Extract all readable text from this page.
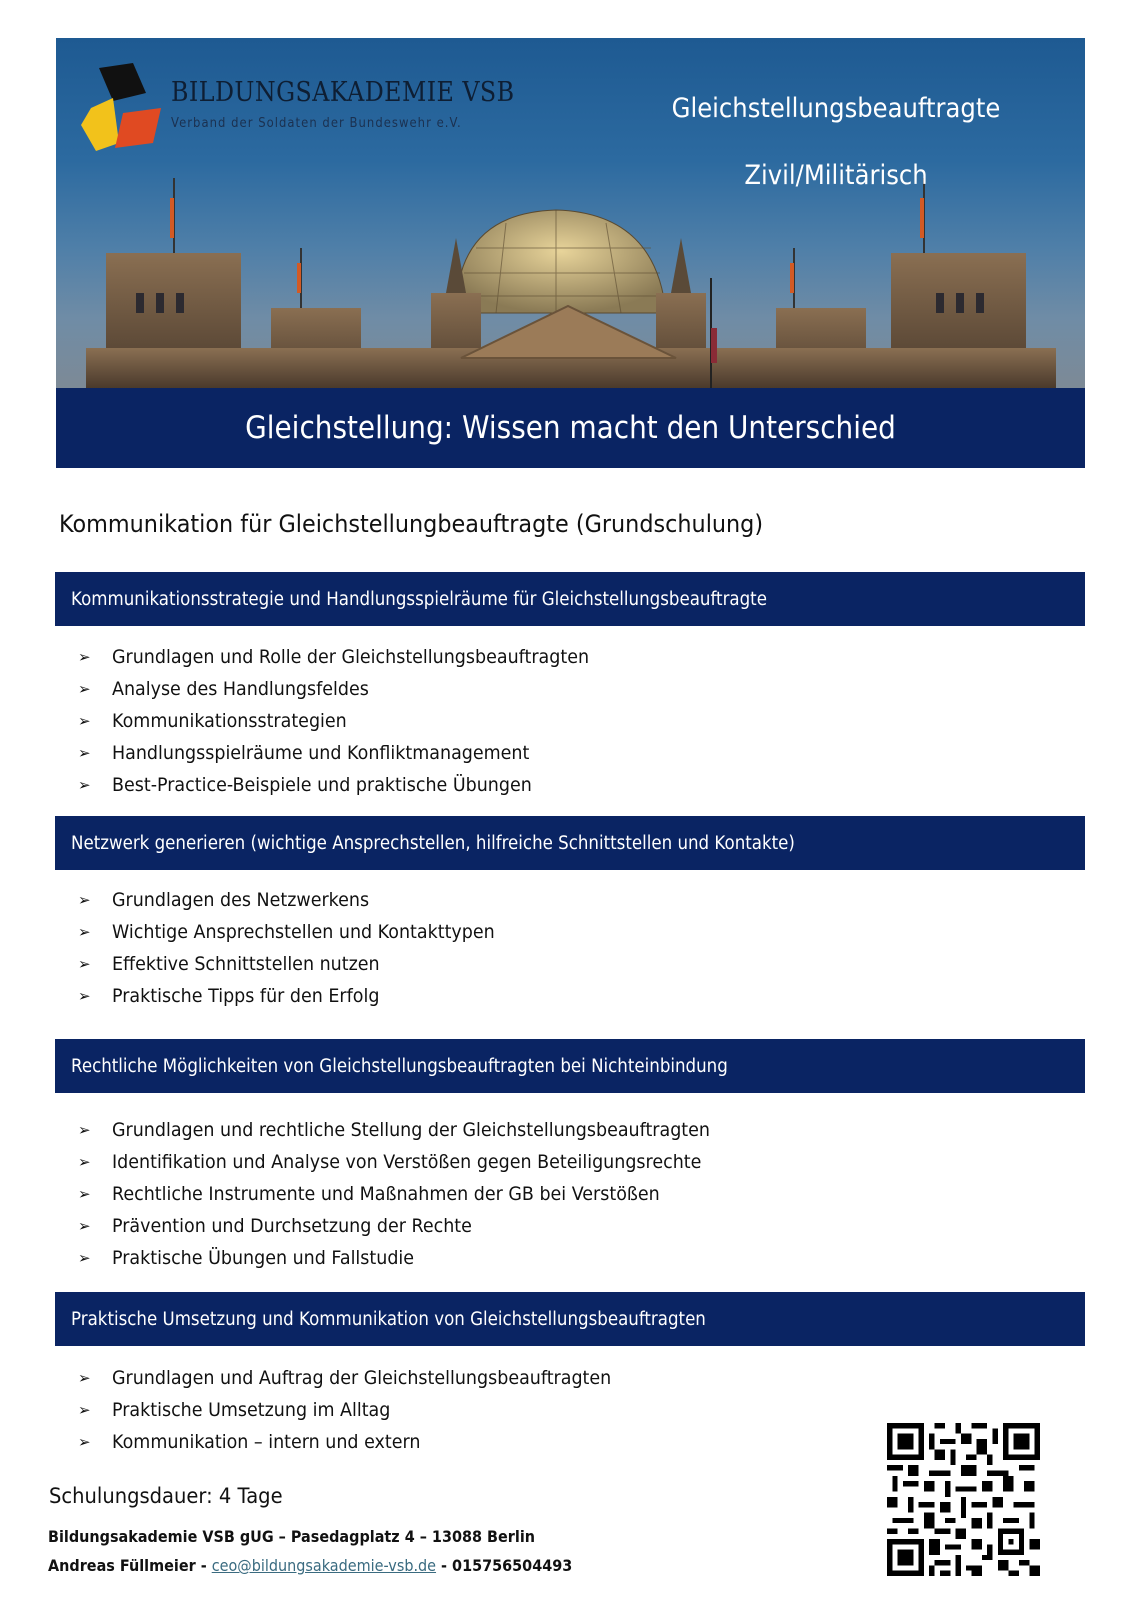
BILDUNGSAKADEMIE VSB
Verband der Soldaten der Bundeswehr e.V.	Gleichstellungsbeauftragte
Zivil/Militärisch
Gleichstellung: Wissen macht den Unterschied
Kommunikation für Gleichstellungbeauftragte (Grundschulung)
Kommunikationsstrategie und Handlungsspielräume für Gleichstellungsbeauftragte
➢	Grundlagen und Rolle der Gleichstellungsbeauftragten
➢	Analyse des Handlungsfeldes
➢	Kommunikationsstrategien
➢	Handlungsspielräume und Konfliktmanagement
➢	Best-Practice-Beispiele und praktische Übungen
Netzwerk generieren (wichtige Ansprechstellen, hilfreiche Schnittstellen und Kontakte)
➢	Grundlagen des Netzwerkens
➢	Wichtige Ansprechstellen und Kontakttypen
➢	Effektive Schnittstellen nutzen
➢	Praktische Tipps für den Erfolg
Rechtliche Möglichkeiten von Gleichstellungsbeauftragten bei Nichteinbindung
➢	Grundlagen und rechtliche Stellung der Gleichstellungsbeauftragten
➢	Identifikation und Analyse von Verstößen gegen Beteiligungsrechte
➢	Rechtliche Instrumente und Maßnahmen der GB bei Verstößen
➢	Prävention und Durchsetzung der Rechte
➢	Praktische Übungen und Fallstudie
Praktische Umsetzung und Kommunikation von Gleichstellungsbeauftragten
➢	Grundlagen und Auftrag der Gleichstellungsbeauftragten
➢	Praktische Umsetzung im Alltag
➢	Kommunikation – intern und extern
Schulungsdauer: 4 Tage
Bildungsakademie VSB gUG – Pasedagplatz 4 – 13088 Berlin
Andreas Füllmeier - ceo@bildungsakademie-vsb.de - 015756504493
